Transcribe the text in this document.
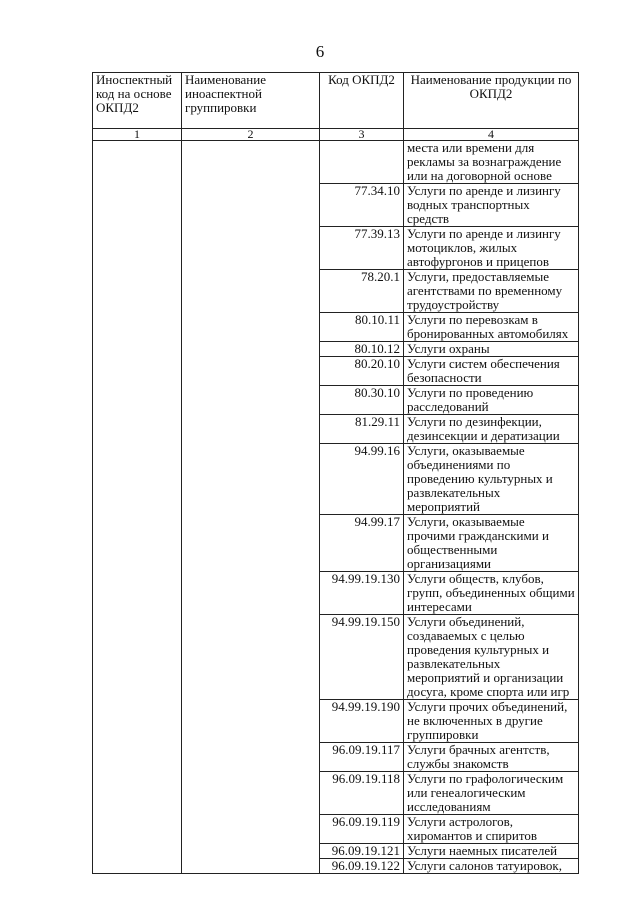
6
Иноспектный код на основе ОКПД2	Наименование иноаспектной группировки	Код ОКПД2	Наименование продукции по ОКПД2
1	2	3	4
			места или времени для рекламы за вознаграждение или на договорной основе
		77.34.10	Услуги по аренде и лизингу водных транспортных средств
		77.39.13	Услуги по аренде и лизингу мотоциклов, жилых автофургонов и прицепов
		78.20.1	Услуги, предоставляемые агентствами по временному трудоустройству
		80.10.11	Услуги по перевозкам в бронированных автомобилях
		80.10.12	Услуги охраны
		80.20.10	Услуги систем обеспечения безопасности
		80.30.10	Услуги по проведению расследований
		81.29.11	Услуги по дезинфекции, дезинсекции и дератизации
		94.99.16	Услуги, оказываемые объединениями по проведению культурных и развлекательных мероприятий
		94.99.17	Услуги, оказываемые прочими гражданскими и общественными организациями
		94.99.19.130	Услуги обществ, клубов, групп, объединенных общими интересами
		94.99.19.150	Услуги объединений, создаваемых с целью проведения культурных и развлекательных мероприятий и организации досуга, кроме спорта или игр
		94.99.19.190	Услуги прочих объединений, не включенных в другие группировки
		96.09.19.117	Услуги брачных агентств, службы знакомств
		96.09.19.118	Услуги по графологическим или генеалогическим исследованиям
		96.09.19.119	Услуги астрологов, хиромантов и спиритов
		96.09.19.121	Услуги наемных писателей
		96.09.19.122	Услуги салонов татуировок,
